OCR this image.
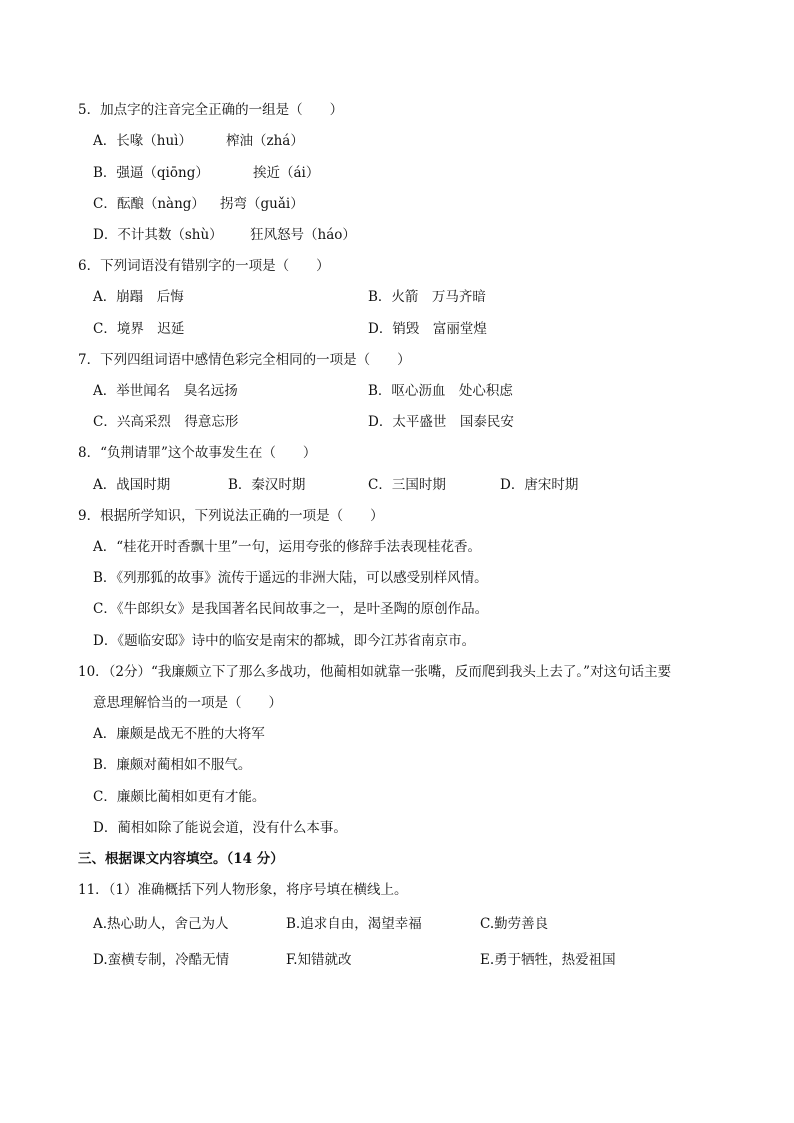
5．加点字的注音完全正确的一组是（　　）
A．长喙（huì）	榨油（zhá）
B．强逼（qiōng）	挨近（ái）
C．酝酿（nàng） 拐弯（guǎi）
D．不计其数（shù） 狂风怒号（háo）
6．下列词语没有错别字的一项是（　　）
A．崩蹋　后悔	B．火箭　万马齐暗
C．境界　迟延	D．销毁　富丽堂煌
7．下列四组词语中感情色彩完全相同的一项是（　　）
A．举世闻名　臭名远扬	B．呕心沥血　处心积虑
C．兴高采烈　得意忘形	D．太平盛世　国泰民安
8．“负荆请罪”这个故事发生在（　　）
A．战国时期	B．秦汉时期	C．三国时期	D．唐宋时期
9．根据所学知识，下列说法正确的一项是（　　）
A．“桂花开时香飘十里”一句，运用夸张的修辞手法表现桂花香。
B．《列那狐的故事》流传于遥远的非洲大陆，可以感受别样风情。
C．《牛郎织女》是我国著名民间故事之一，是叶圣陶的原创作品。
D．《题临安邸》诗中的临安是南宋的都城，即今江苏省南京市。
10．（2分）“我廉颇立下了那么多战功，他蔺相如就靠一张嘴，反而爬到我头上去了。”对这句话主要
意思理解恰当的一项是（　　）
A．廉颇是战无不胜的大将军
B．廉颇对蔺相如不服气。
C．廉颇比蔺相如更有才能。
D．蔺相如除了能说会道，没有什么本事。
三、根据课文内容填空。（14 分）
11．（1）准确概括下列人物形象，将序号填在横线上。
A.热心助人，舍己为人	B.追求自由，渴望幸福	C.勤劳善良
D.蛮横专制，冷酷无情	F.知错就改	E.勇于牺牲，热爱祖国
